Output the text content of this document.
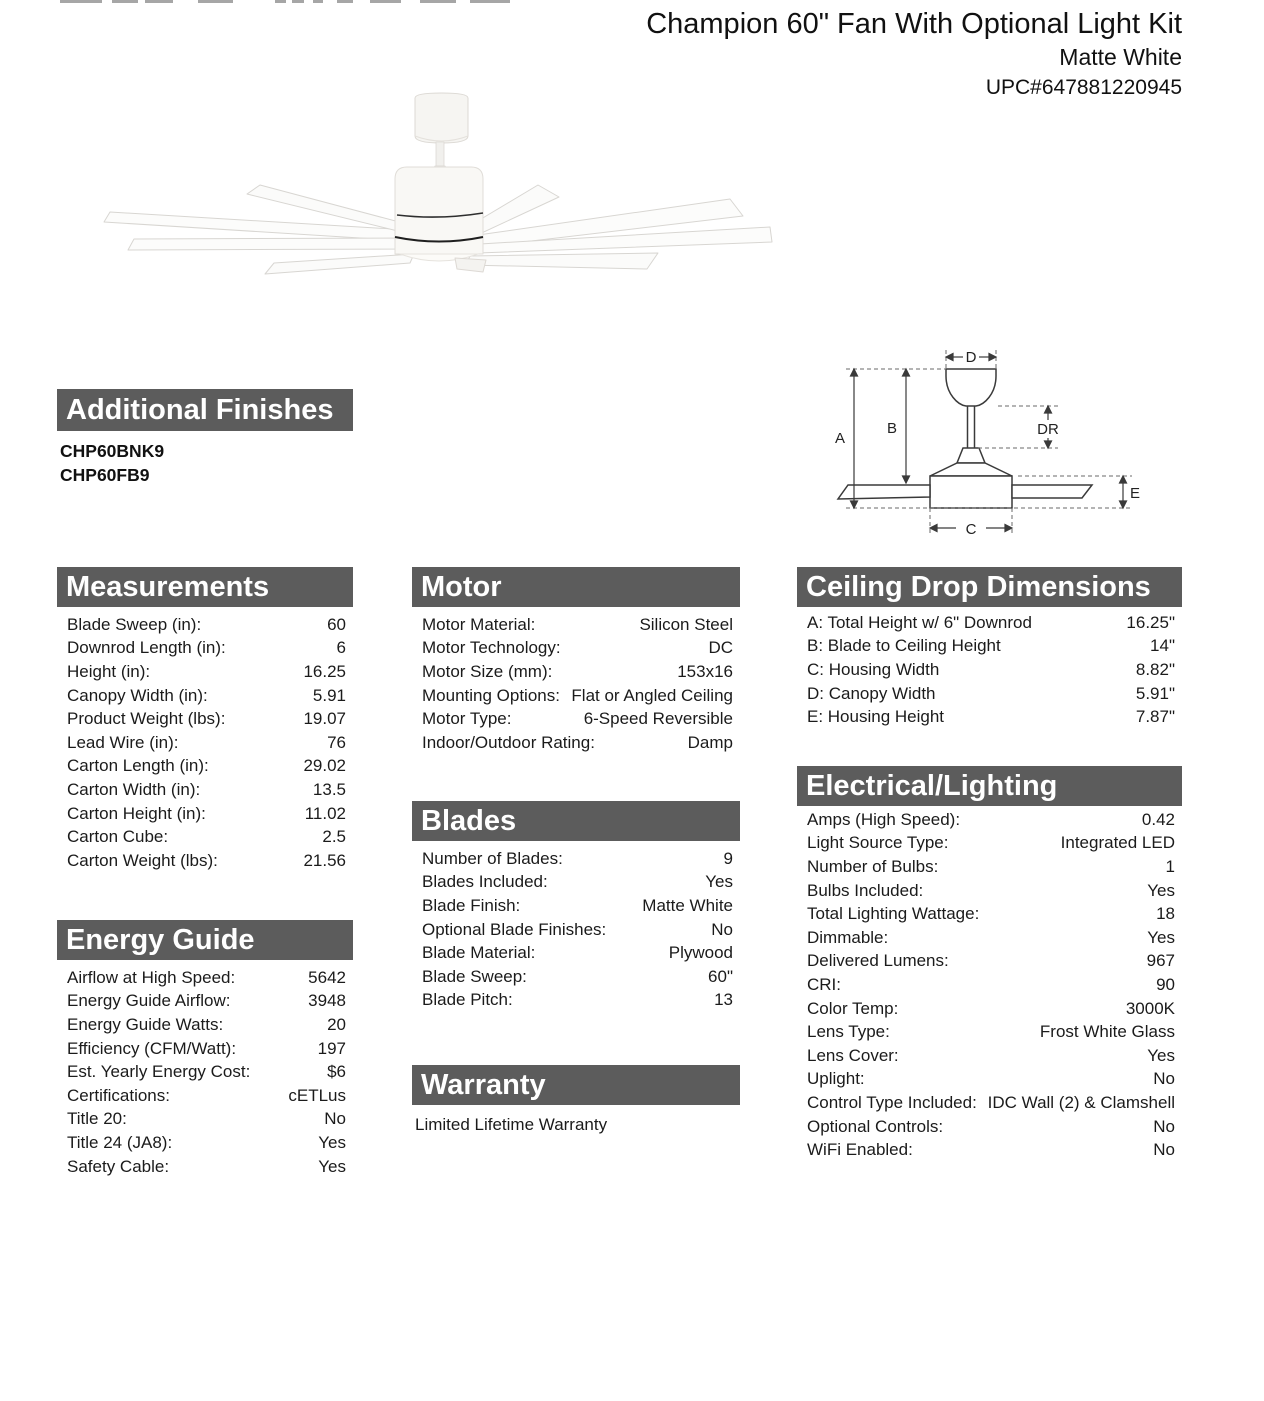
Champion 60" Fan With Optional Light Kit
Matte White
UPC#647881220945
A
B
C
D
DR
E
Additional Finishes
CHP60BNK9
CHP60FB9
Measurements
Blade Sweep (in):	60
Downrod Length (in):	6
Height (in):	16.25
Canopy Width (in):	5.91
Product Weight (lbs):	19.07
Lead Wire (in):	76
Carton Length (in):	29.02
Carton Width (in):	13.5
Carton Height (in):	11.02
Carton Cube:	2.5
Carton Weight (lbs):	21.56
Energy Guide
Airflow at High Speed:	5642
Energy Guide Airflow:	3948
Energy Guide Watts:	20
Efficiency (CFM/Watt):	197
Est. Yearly Energy Cost:	$6
Certifications:	cETLus
Title 20:	No
Title 24 (JA8):	Yes
Safety Cable:	Yes
Motor
Motor Material:	Silicon Steel
Motor Technology:	DC
Motor Size (mm):	153x16
Mounting Options: Flat or Angled Ceiling
Motor Type:	6-Speed Reversible
Indoor/Outdoor Rating:	Damp
Blades
Number of Blades:	9
Blades Included:	Yes
Blade Finish:	Matte White
Optional Blade Finishes:	No
Blade Material:	Plywood
Blade Sweep:	60"
Blade Pitch:	13
Warranty
Limited Lifetime Warranty
Ceiling Drop Dimensions
A: Total Height w/ 6" Downrod	16.25"
B: Blade to Ceiling Height	14"
C: Housing Width	8.82"
D: Canopy Width	5.91"
E: Housing Height	7.87"
Electrical/Lighting
Amps (High Speed):	0.42
Light Source Type:	Integrated LED
Number of Bulbs:	1
Bulbs Included:	Yes
Total Lighting Wattage:	18
Dimmable:	Yes
Delivered Lumens:	967
CRI:	90
Color Temp:	3000K
Lens Type:	Frost White Glass
Lens Cover:	Yes
Uplight:	No
Control Type Included: IDC Wall (2) & Clamshell
Optional Controls:	No
WiFi Enabled:	No
